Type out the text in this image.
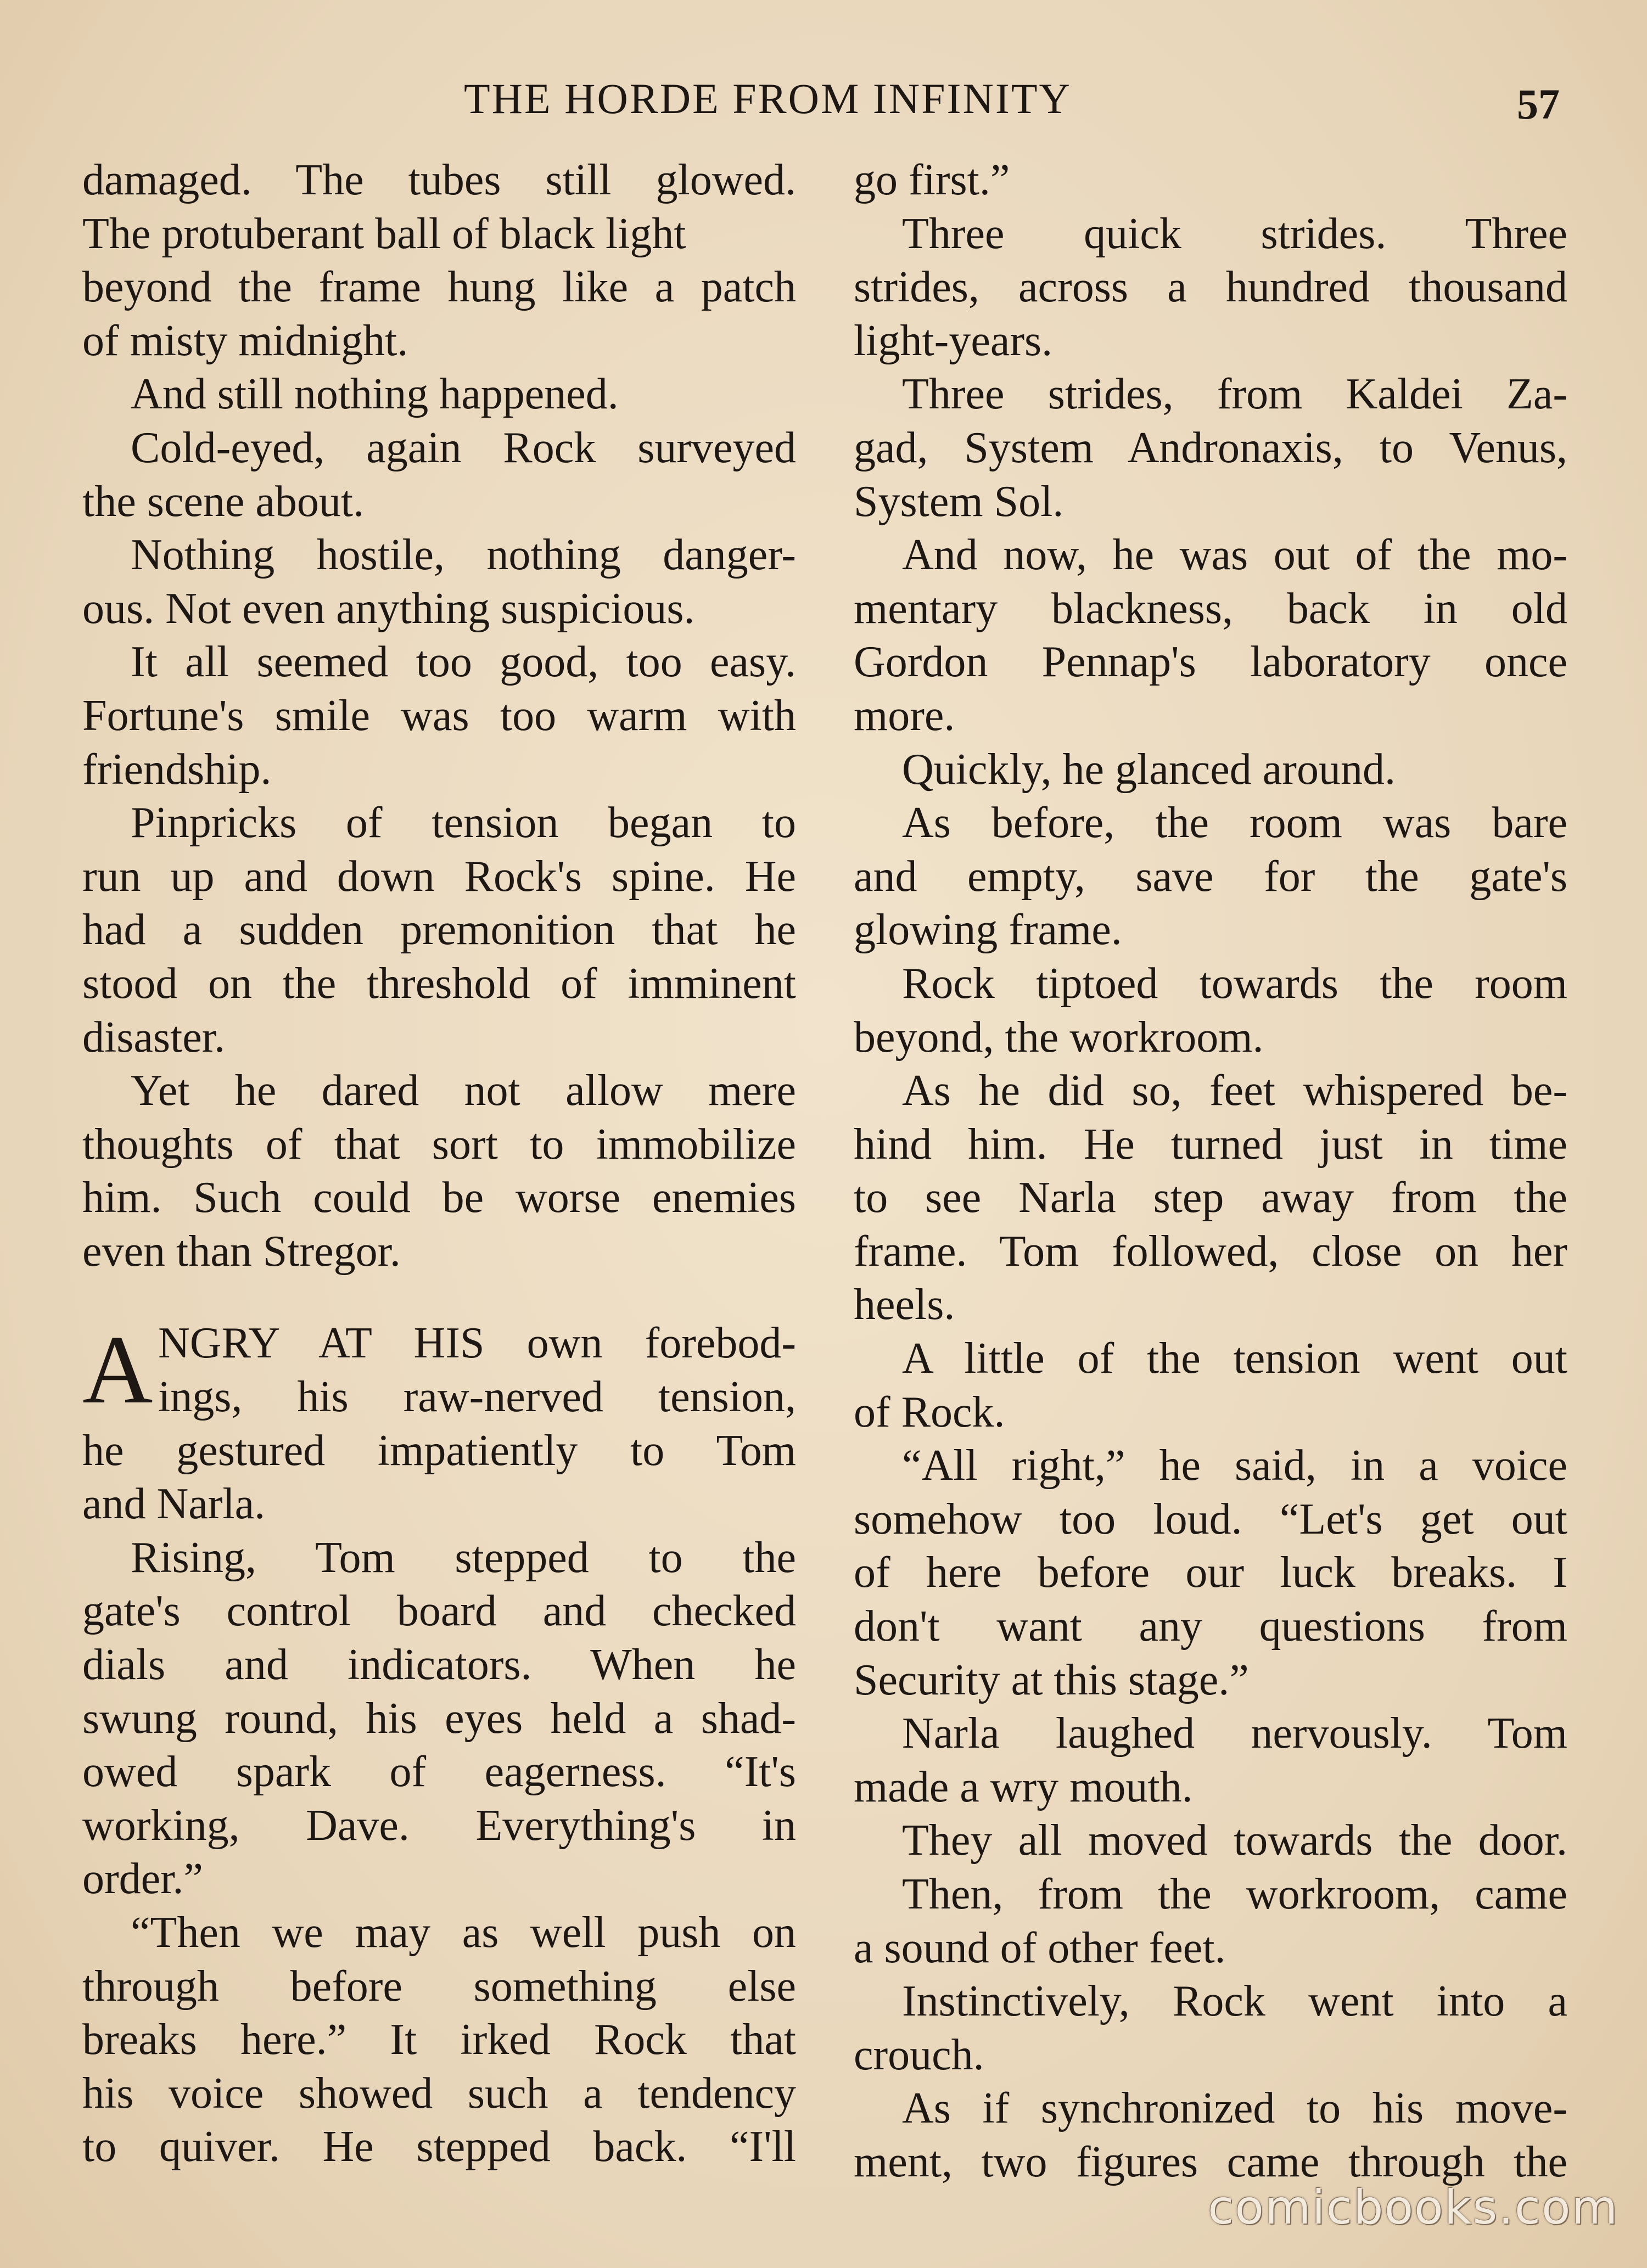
THE HORDE FROM INFINITY	57
damaged. The tubes still glowed.
The protuberant ball of black light
beyond the frame hung like a patch
of misty midnight.
And still nothing happened.
Cold-eyed, again Rock surveyed
the scene about.
Nothing hostile, nothing danger-
ous. Not even anything suspicious.
It all seemed too good, too easy.
Fortune's smile was too warm with
friendship.
Pinpricks of tension began to
run up and down Rock's spine. He
had a sudden premonition that he
stood on the threshold of imminent
disaster.
Yet he dared not allow mere
thoughts of that sort to immobilize
him. Such could be worse enemies
even than Stregor.
A NGRY AT HIS own forebod-
ings, his raw-nerved tension,
he gestured impatiently to Tom
and Narla.
Rising, Tom stepped to the
gate's control board and checked
dials and indicators. When he
swung round, his eyes held a shad-
owed spark of eagerness. “It's
working, Dave. Everything's in
order.”
“Then we may as well push on
through before something else
breaks here.” It irked Rock that
his voice showed such a tendency
to quiver. He stepped back. “I'll
go first.”
Three quick strides. Three
strides, across a hundred thousand
light-years.
Three strides, from Kaldei Za-
gad, System Andronaxis, to Venus,
System Sol.
And now, he was out of the mo-
mentary blackness, back in old
Gordon Pennap's laboratory once
more.
Quickly, he glanced around.
As before, the room was bare
and empty, save for the gate's
glowing frame.
Rock tiptoed towards the room
beyond, the workroom.
As he did so, feet whispered be-
hind him. He turned just in time
to see Narla step away from the
frame. Tom followed, close on her
heels.
A little of the tension went out
of Rock.
“All right,” he said, in a voice
somehow too loud. “Let's get out
of here before our luck breaks. I
don't want any questions from
Security at this stage.”
Narla laughed nervously. Tom
made a wry mouth.
They all moved towards the door.
Then, from the workroom, came
a sound of other feet.
Instinctively, Rock went into a
crouch.
As if synchronized to his move-
ment, two figures came through the
comicbooks.com
